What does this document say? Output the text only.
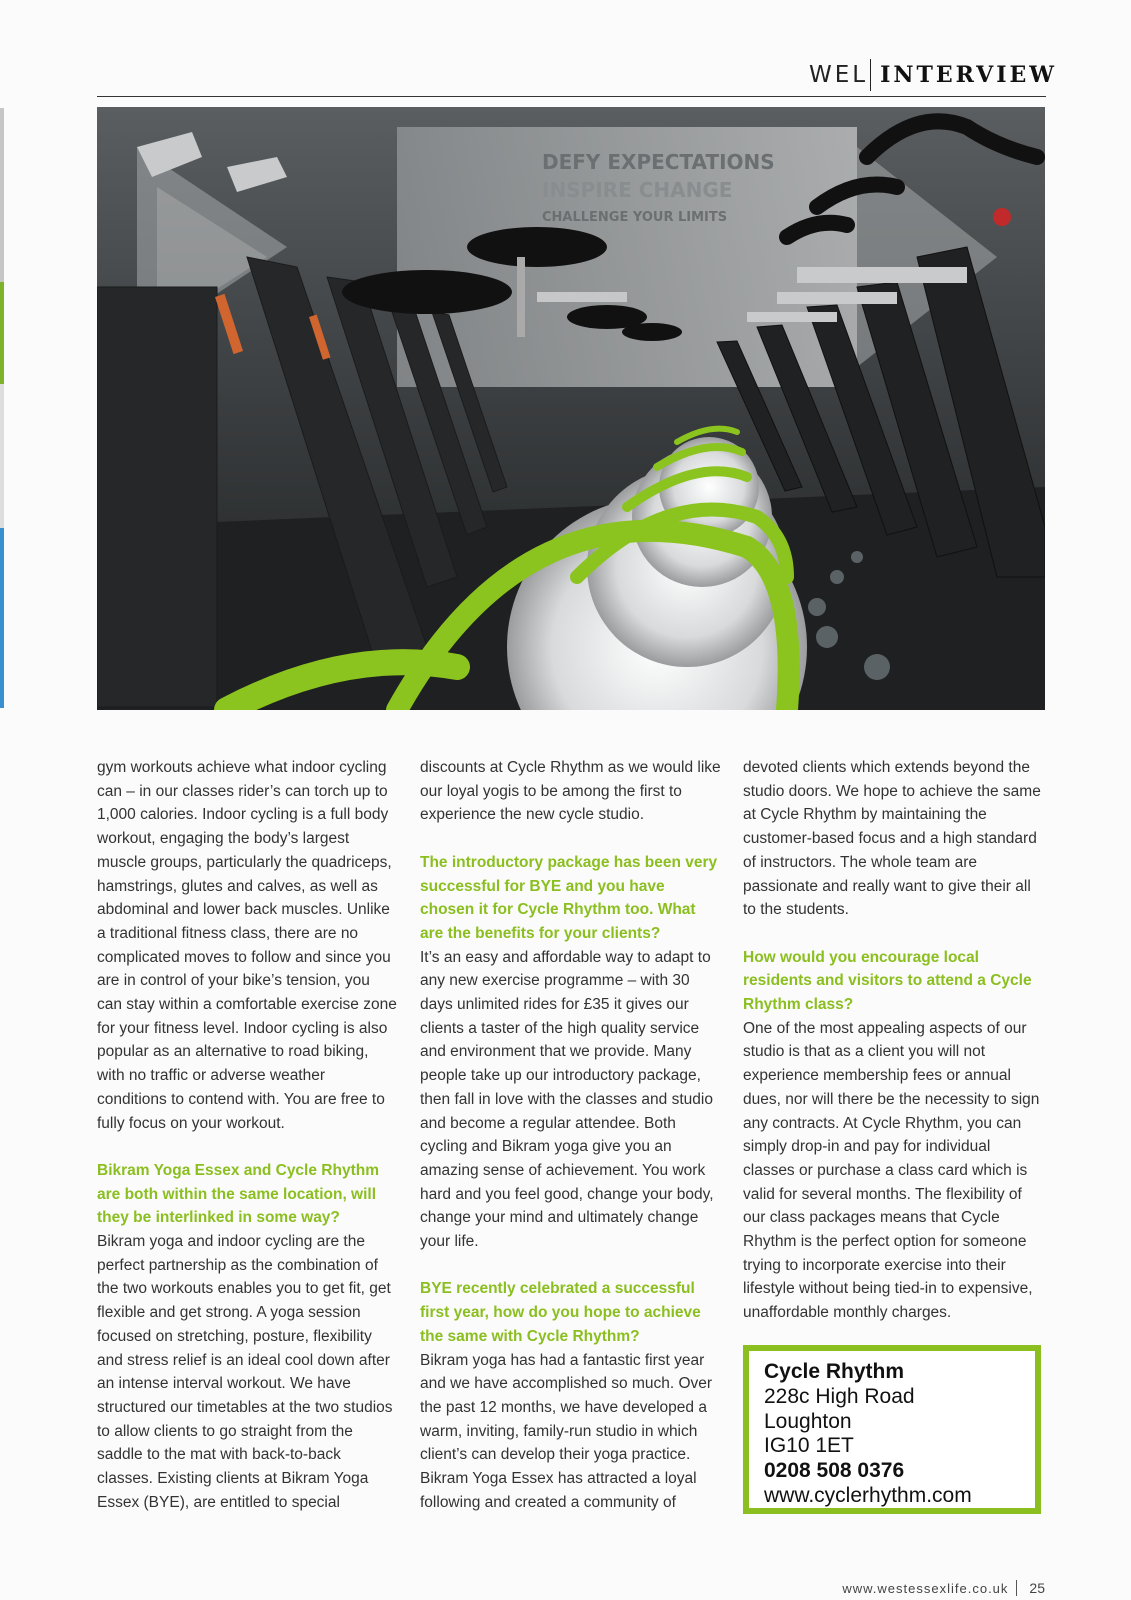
WEL INTERVIEW
DEFY EXPECTATIONS
INSPIRE CHANGE
CHALLENGE YOUR LIMITS

gym workouts achieve what indoor cycling can – in our classes rider’s can torch up to 1,000 calories. Indoor cycling is a full body workout, engaging the body’s largest muscle groups, particularly the quadriceps, hamstrings, glutes and calves, as well as abdominal and lower back muscles. Unlike a traditional fitness class, there are no complicated moves to follow and since you are in control of your bike’s tension, you can stay within a comfortable exercise zone for your fitness level. Indoor cycling is also popular as an alternative to road biking, with no traffic or adverse weather conditions to contend with. You are free to fully focus on your workout.

Bikram Yoga Essex and Cycle Rhythm are both within the same location, will they be interlinked in some way?

Bikram yoga and indoor cycling are the perfect partnership as the combination of the two workouts enables you to get fit, get flexible and get strong. A yoga session focused on stretching, posture, flexibility and stress relief is an ideal cool down after an intense interval workout. We have structured our timetables at the two studios to allow clients to go straight from the saddle to the mat with back-to-back classes. Existing clients at Bikram Yoga Essex (BYE), are entitled to special

discounts at Cycle Rhythm as we would like our loyal yogis to be among the first to experience the new cycle studio.

The introductory package has been very successful for BYE and you have chosen it for Cycle Rhythm too. What are the benefits for your clients?

It’s an easy and affordable way to adapt to any new exercise programme – with 30 days unlimited rides for £35 it gives our clients a taster of the high quality service and environment that we provide. Many people take up our introductory package, then fall in love with the classes and studio and become a regular attendee. Both cycling and Bikram yoga give you an amazing sense of achievement. You work hard and you feel good, change your body, change your mind and ultimately change your life.

BYE recently celebrated a successful first year, how do you hope to achieve the same with Cycle Rhythm?

Bikram yoga has had a fantastic first year and we have accomplished so much. Over the past 12 months, we have developed a warm, inviting, family-run studio in which client’s can develop their yoga practice. Bikram Yoga Essex has attracted a loyal following and created a community of

devoted clients which extends beyond the studio doors. We hope to achieve the same at Cycle Rhythm by maintaining the customer-based focus and a high standard of instructors. The whole team are passionate and really want to give their all to the students.

How would you encourage local residents and visitors to attend a Cycle Rhythm class?

One of the most appealing aspects of our studio is that as a client you will not experience membership fees or annual dues, nor will there be the necessity to sign any contracts. At Cycle Rhythm, you can simply drop-in and pay for individual classes or purchase a class card which is valid for several months. The flexibility of our class packages means that Cycle Rhythm is the perfect option for someone trying to incorporate exercise into their lifestyle without being tied-in to expensive, unaffordable monthly charges.

Cycle Rhythm
228c High Road
Loughton
IG10 1ET
0208 508 0376
www.cyclerhythm.com
www.westessexlife.co.uk 25
